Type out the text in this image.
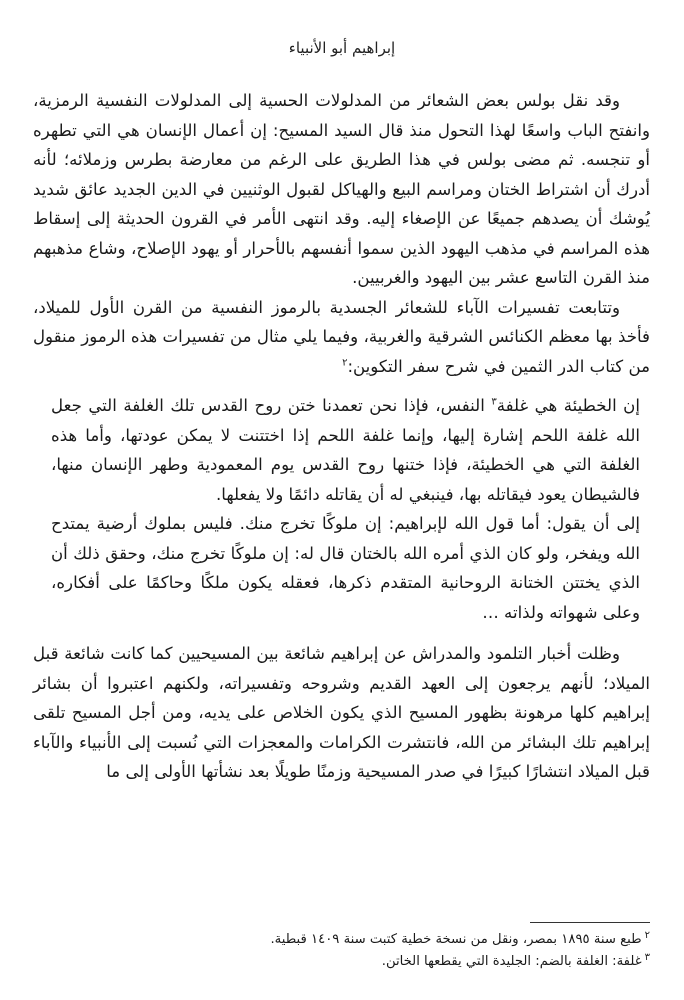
إبراهيم أبو الأنبياء

وقد نقل بولس بعض الشعائر من المدلولات الحسية إلى المدلولات النفسية الرمزية، وانفتح الباب واسعًا لهذا التحول منذ قال السيد المسيح: إن أعمال الإنسان هي التي تطهره أو تنجسه. ثم مضى بولس في هذا الطريق على الرغم من معارضة بطرس وزملائه؛ لأنه أدرك أن اشتراط الختان ومراسم البيع والهياكل لقبول الوثنيين في الدين الجديد عائق شديد يُوشك أن يصدهم جميعًا عن الإصغاء إليه. وقد انتهى الأمر في القرون الحديثة إلى إسقاط هذه المراسم في مذهب اليهود الذين سموا أنفسهم بالأحرار أو يهود الإصلاح، وشاع مذهبهم منذ القرن التاسع عشر بين اليهود والغربيين.

وتتابعت تفسيرات الآباء للشعائر الجسدية بالرموز النفسية من القرن الأول للميلاد، فأخذ بها معظم الكنائس الشرقية والغربية، وفيما يلي مثال من تفسيرات هذه الرموز منقول من كتاب الدر الثمين في شرح سفر التكوين:$^٢$

إن الخطيئة هي غلفة$^٣$ النفس، فإذا نحن تعمدنا ختن روح القدس تلك الغلفة التي جعل الله غلفة اللحم إشارة إليها، وإنما غلفة اللحم إذا اختتنت لا يمكن عودتها، وأما هذه الغلفة التي هي الخطيئة، فإذا ختنها روح القدس يوم المعمودية وطهر الإنسان منها، فالشيطان يعود فيقاتله بها، فينبغي له أن يقاتله دائمًا ولا يفعلها.

إلى أن يقول: أما قول الله لإبراهيم: إن ملوكًا تخرج منك. فليس بملوك أرضية يمتدح الله ويفخر، ولو كان الذي أمره الله بالختان قال له: إن ملوكًا تخرج منك، وحقق ذلك أن الذي يختتن الختانة الروحانية المتقدم ذكرها، فعقله يكون ملكًا وحاكمًا على أفكاره، وعلى شهواته ولذاته …

وظلت أخبار التلمود والمدراش عن إبراهيم شائعة بين المسيحيين كما كانت شائعة قبل الميلاد؛ لأنهم يرجعون إلى العهد القديم وشروحه وتفسيراته، ولكنهم اعتبروا أن بشائر إبراهيم كلها مرهونة بظهور المسيح الذي يكون الخلاص على يديه، ومن أجل المسيح تلقى إبراهيم تلك البشائر من الله، فانتشرت الكرامات والمعجزات التي نُسبت إلى الأنبياء والآباء قبل الميلاد انتشارًا كبيرًا في صدر المسيحية وزمنًا طويلًا بعد نشأتها الأولى إلى ما

$^٢$طبع سنة ١٨٩٥ بمصر، ونقل من نسخة خطية كتبت سنة ١٤٠٩ قبطية.

$^٣$غلفة: الغلفة بالضم: الجليدة التي يقطعها الخاتن.
